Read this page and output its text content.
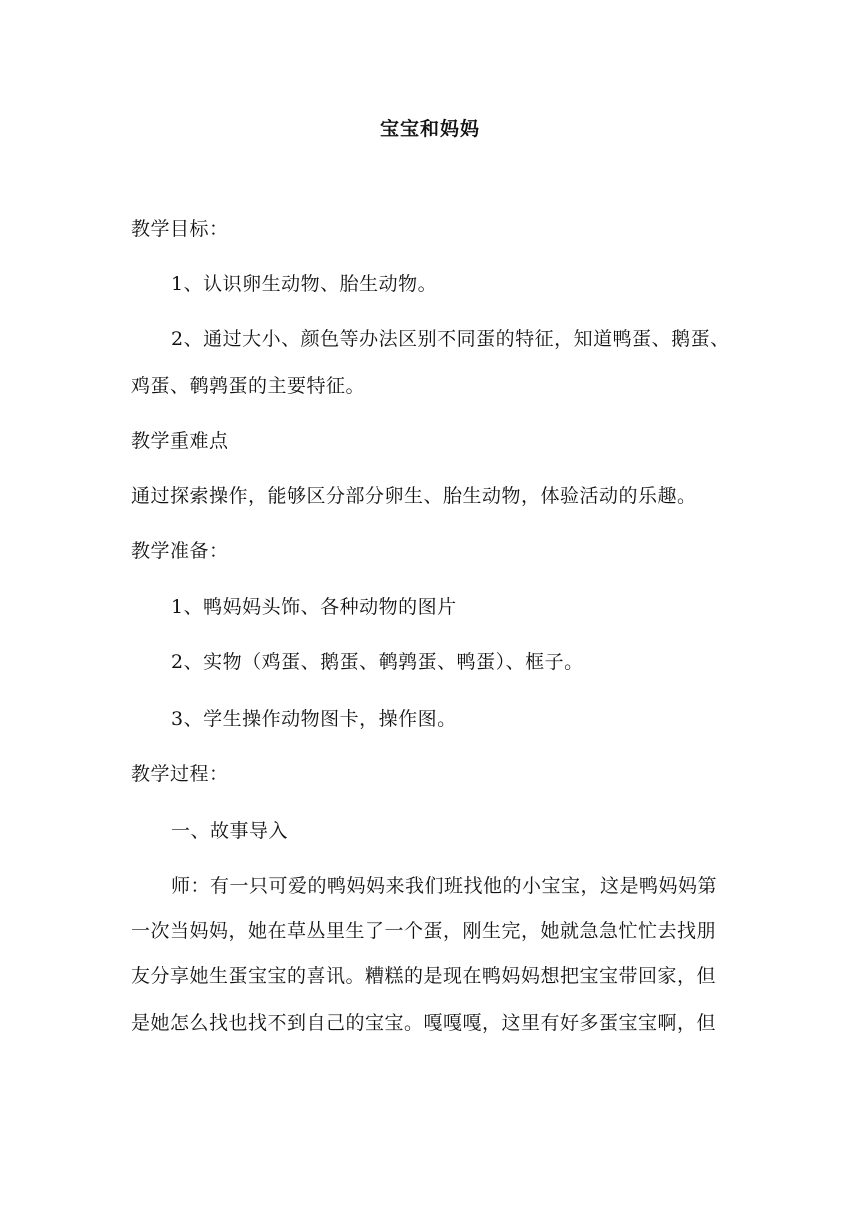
宝宝和妈妈
教学目标：
1、认识卵生动物、胎生动物。
2、通过大小、颜色等办法区别不同蛋的特征，知道鸭蛋、鹅蛋、
鸡蛋、鹌鹑蛋的主要特征。
教学重难点
通过探索操作，能够区分部分卵生、胎生动物，体验活动的乐趣。
教学准备：
1、鸭妈妈头饰、各种动物的图片
2、实物（鸡蛋、鹅蛋、鹌鹑蛋、鸭蛋）、框子。
3、学生操作动物图卡，操作图。
教学过程：
一、故事导入
师：有一只可爱的鸭妈妈来我们班找他的小宝宝，这是鸭妈妈第
一次当妈妈，她在草丛里生了一个蛋，刚生完，她就急急忙忙去找朋
友分享她生蛋宝宝的喜讯。糟糕的是现在鸭妈妈想把宝宝带回家，但
是她怎么找也找不到自己的宝宝。嘎嘎嘎，这里有好多蛋宝宝啊，但
